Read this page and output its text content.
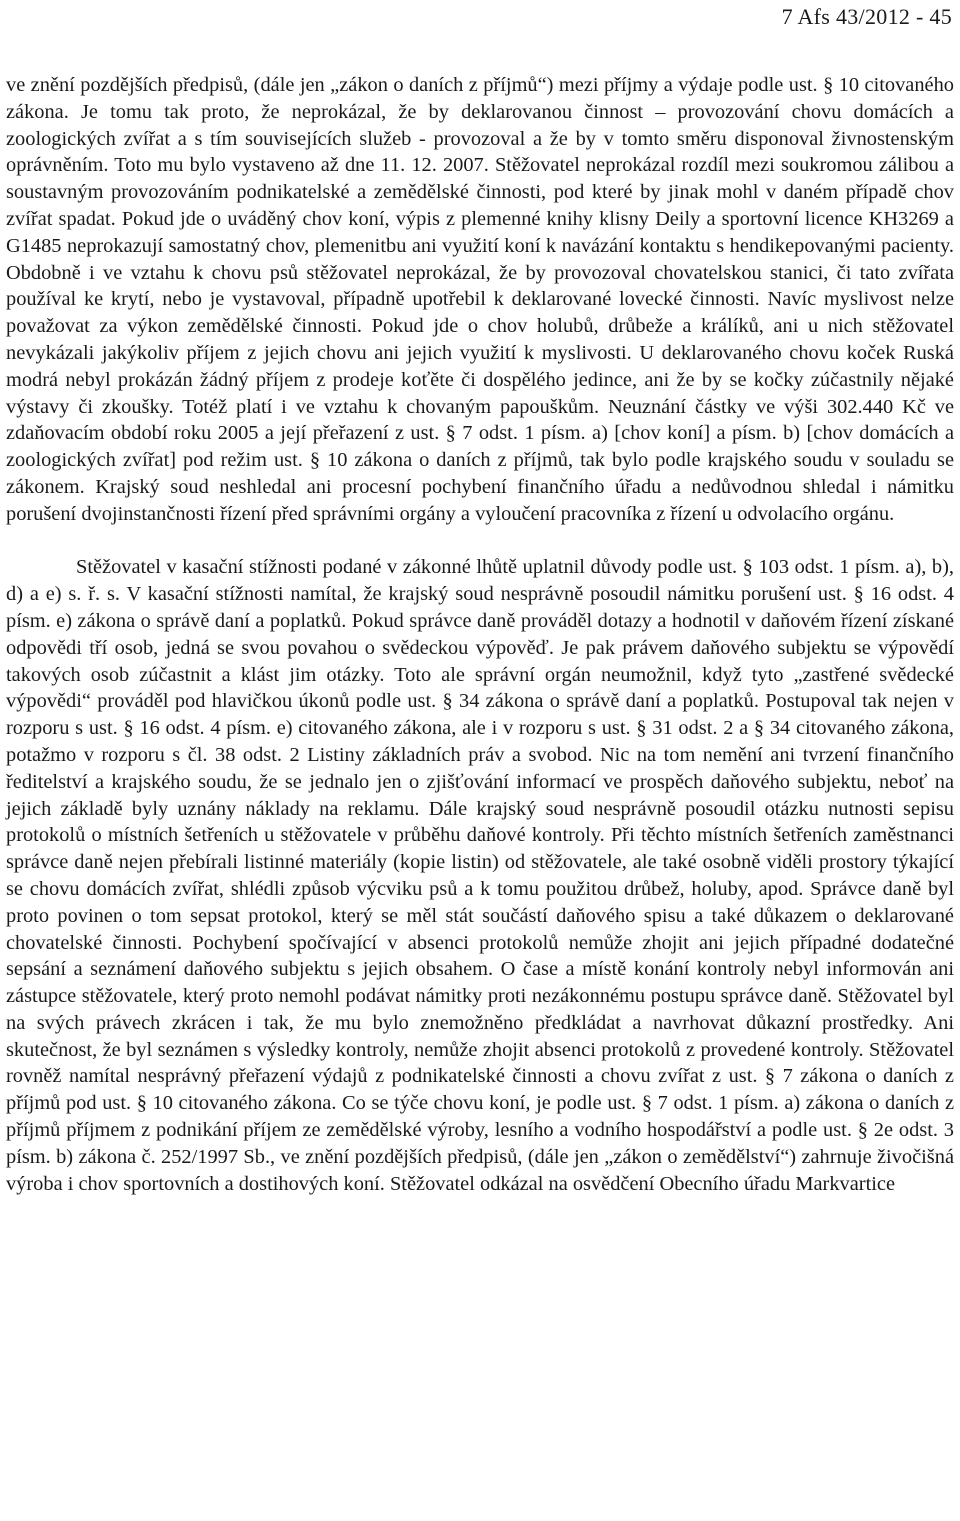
7 Afs 43/2012 - 45

ve znění pozdějších předpisů, (dále jen „zákon o daních z příjmů“) mezi příjmy a výdaje podle ust. § 10 citovaného zákona. Je tomu tak proto, že neprokázal, že by deklarovanou činnost – provozování chovu domácích a zoologických zvířat a s tím souvisejících služeb - provozoval a že by v tomto směru disponoval živnostenským oprávněním. Toto mu bylo vystaveno až dne 11. 12. 2007. Stěžovatel neprokázal rozdíl mezi soukromou zálibou a soustavným provozováním podnikatelské a zemědělské činnosti, pod které by jinak mohl v daném případě chov zvířat spadat. Pokud jde o uváděný chov koní, výpis z plemenné knihy klisny Deily a sportovní licence KH3269 a G1485 neprokazují samostatný chov, plemenitbu ani využití koní k navázání kontaktu s hendikepovanými pacienty. Obdobně i ve vztahu k chovu psů stěžovatel neprokázal, že by provozoval chovatelskou stanici, či tato zvířata používal ke krytí, nebo je vystavoval, případně upotřebil k deklarované lovecké činnosti. Navíc myslivost nelze považovat za výkon zemědělské činnosti. Pokud jde o chov holubů, drůbeže a králíků, ani u nich stěžovatel nevykázali jakýkoliv příjem z jejich chovu ani jejich využití k myslivosti. U deklarovaného chovu koček Ruská modrá nebyl prokázán žádný příjem z prodeje koťěte či dospělého jedince, ani že by se kočky zúčastnily nějaké výstavy či zkoušky. Totéž platí i ve vztahu k chovaným papouškům. Neuznání částky ve výši 302.440 Kč ve zdaňovacím období roku 2005 a její přeřazení z ust. § 7 odst. 1 písm. a) [chov koní] a písm. b) [chov domácích a zoologických zvířat] pod režim ust. § 10 zákona o daních z příjmů, tak bylo podle krajského soudu v souladu se zákonem. Krajský soud neshledal ani procesní pochybení finančního úřadu a nedůvodnou shledal i námitku porušení dvojinstančnosti řízení před správními orgány a vyloučení pracovníka z řízení u odvolacího orgánu.

Stěžovatel v kasační stížnosti podané v zákonné lhůtě uplatnil důvody podle ust. § 103 odst. 1 písm. a), b), d) a e) s. ř. s. V kasační stížnosti namítal, že krajský soud nesprávně posoudil námitku porušení ust. § 16 odst. 4 písm. e) zákona o správě daní a poplatků. Pokud správce daně prováděl dotazy a hodnotil v daňovém řízení získané odpovědi tří osob, jedná se svou povahou o svědeckou výpověď. Je pak právem daňového subjektu se výpovědí takových osob zúčastnit a klást jim otázky. Toto ale správní orgán neumožnil, když tyto „zastřené svědecké výpovědi“ prováděl pod hlavičkou úkonů podle ust. § 34 zákona o správě daní a poplatků. Postupoval tak nejen v rozporu s ust. § 16 odst. 4 písm. e) citovaného zákona, ale i v rozporu s ust. § 31 odst. 2 a § 34 citovaného zákona, potažmo v rozporu s čl. 38 odst. 2 Listiny základních práv a svobod. Nic na tom nemění ani tvrzení finančního ředitelství a krajského soudu, že se jednalo jen o zjišťování informací ve prospěch daňového subjektu, neboť na jejich základě byly uznány náklady na reklamu. Dále krajský soud nesprávně posoudil otázku nutnosti sepisu protokolů o místních šetřeních u stěžovatele v průběhu daňové kontroly. Při těchto místních šetřeních zaměstnanci správce daně nejen přebírali listinné materiály (kopie listin) od stěžovatele, ale také osobně viděli prostory týkající se chovu domácích zvířat, shlédli způsob výcviku psů a k tomu použitou drůbež, holuby, apod. Správce daně byl proto povinen o tom sepsat protokol, který se měl stát součástí daňového spisu a také důkazem o deklarované chovatelské činnosti. Pochybení spočívající v absenci protokolů nemůže zhojit ani jejich případné dodatečné sepsání a seznámení daňového subjektu s jejich obsahem. O čase a místě konání kontroly nebyl informován ani zástupce stěžovatele, který proto nemohl podávat námitky proti nezákonnému postupu správce daně. Stěžovatel byl na svých právech zkrácen i tak, že mu bylo znemožněno předkládat a navrhovat důkazní prostředky. Ani skutečnost, že byl seznámen s výsledky kontroly, nemůže zhojit absenci protokolů z provedené kontroly. Stěžovatel rovněž namítal nesprávný přeřazení výdajů z podnikatelské činnosti a chovu zvířat z ust. § 7 zákona o daních z příjmů pod ust. § 10 citovaného zákona. Co se týče chovu koní, je podle ust. § 7 odst. 1 písm. a) zákona o daních z příjmů příjmem z podnikání příjem ze zemědělské výroby, lesního a vodního hospodářství a podle ust. § 2e odst. 3 písm. b) zákona č. 252/1997 Sb., ve znění pozdějších předpisů, (dále jen „zákon o zemědělství“) zahrnuje živočišná výroba i chov sportovních a dostihových koní. Stěžovatel odkázal na osvědčení Obecního úřadu Markvartice
